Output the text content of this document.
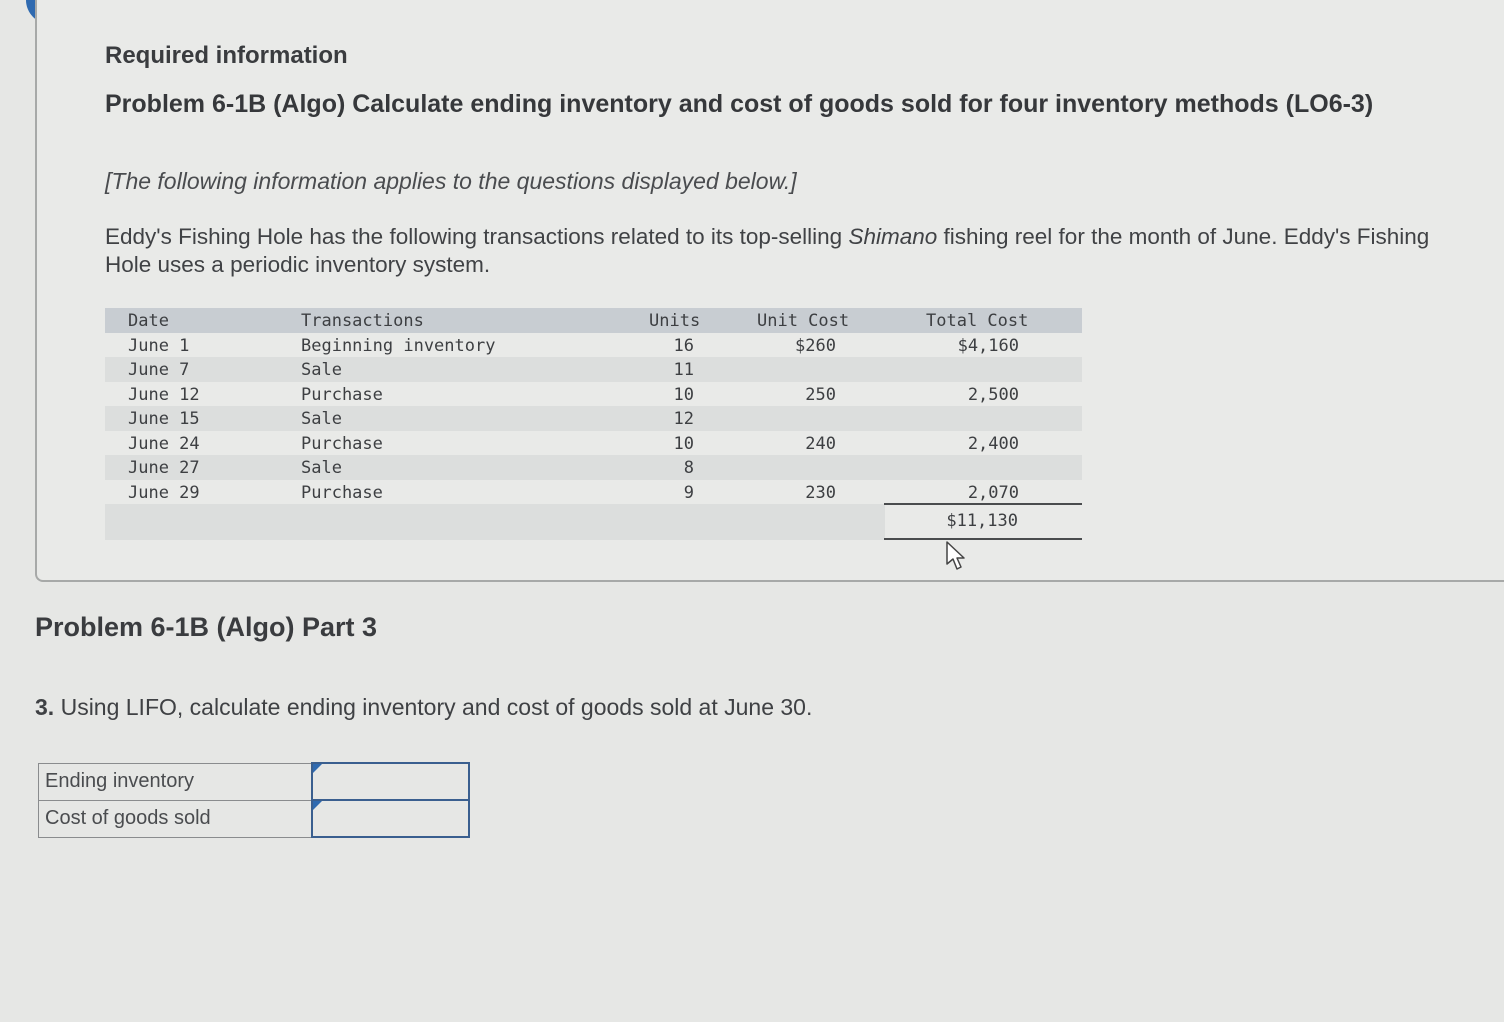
Required information
Problem 6-1B (Algo) Calculate ending inventory and cost of goods sold for four inventory methods (LO6-3)
[The following information applies to the questions displayed below.]
Eddy's Fishing Hole has the following transactions related to its top-selling Shimano fishing reel for the month of June. Eddy's Fishing Hole uses a periodic inventory system.
Date	Transactions	Units	Unit Cost	Total Cost
June 1	Beginning inventory	16	$260	$4,160
June 7	Sale	11
June 12	Purchase	10	250	2,500
June 15	Sale	12
June 24	Purchase	10	240	2,400
June 27	Sale	8
June 29	Purchase	9	230	2,070
$11,130
Problem 6-1B (Algo) Part 3
3. Using LIFO, calculate ending inventory and cost of goods sold at June 30.
Ending inventory	

Cost of goods sold	
